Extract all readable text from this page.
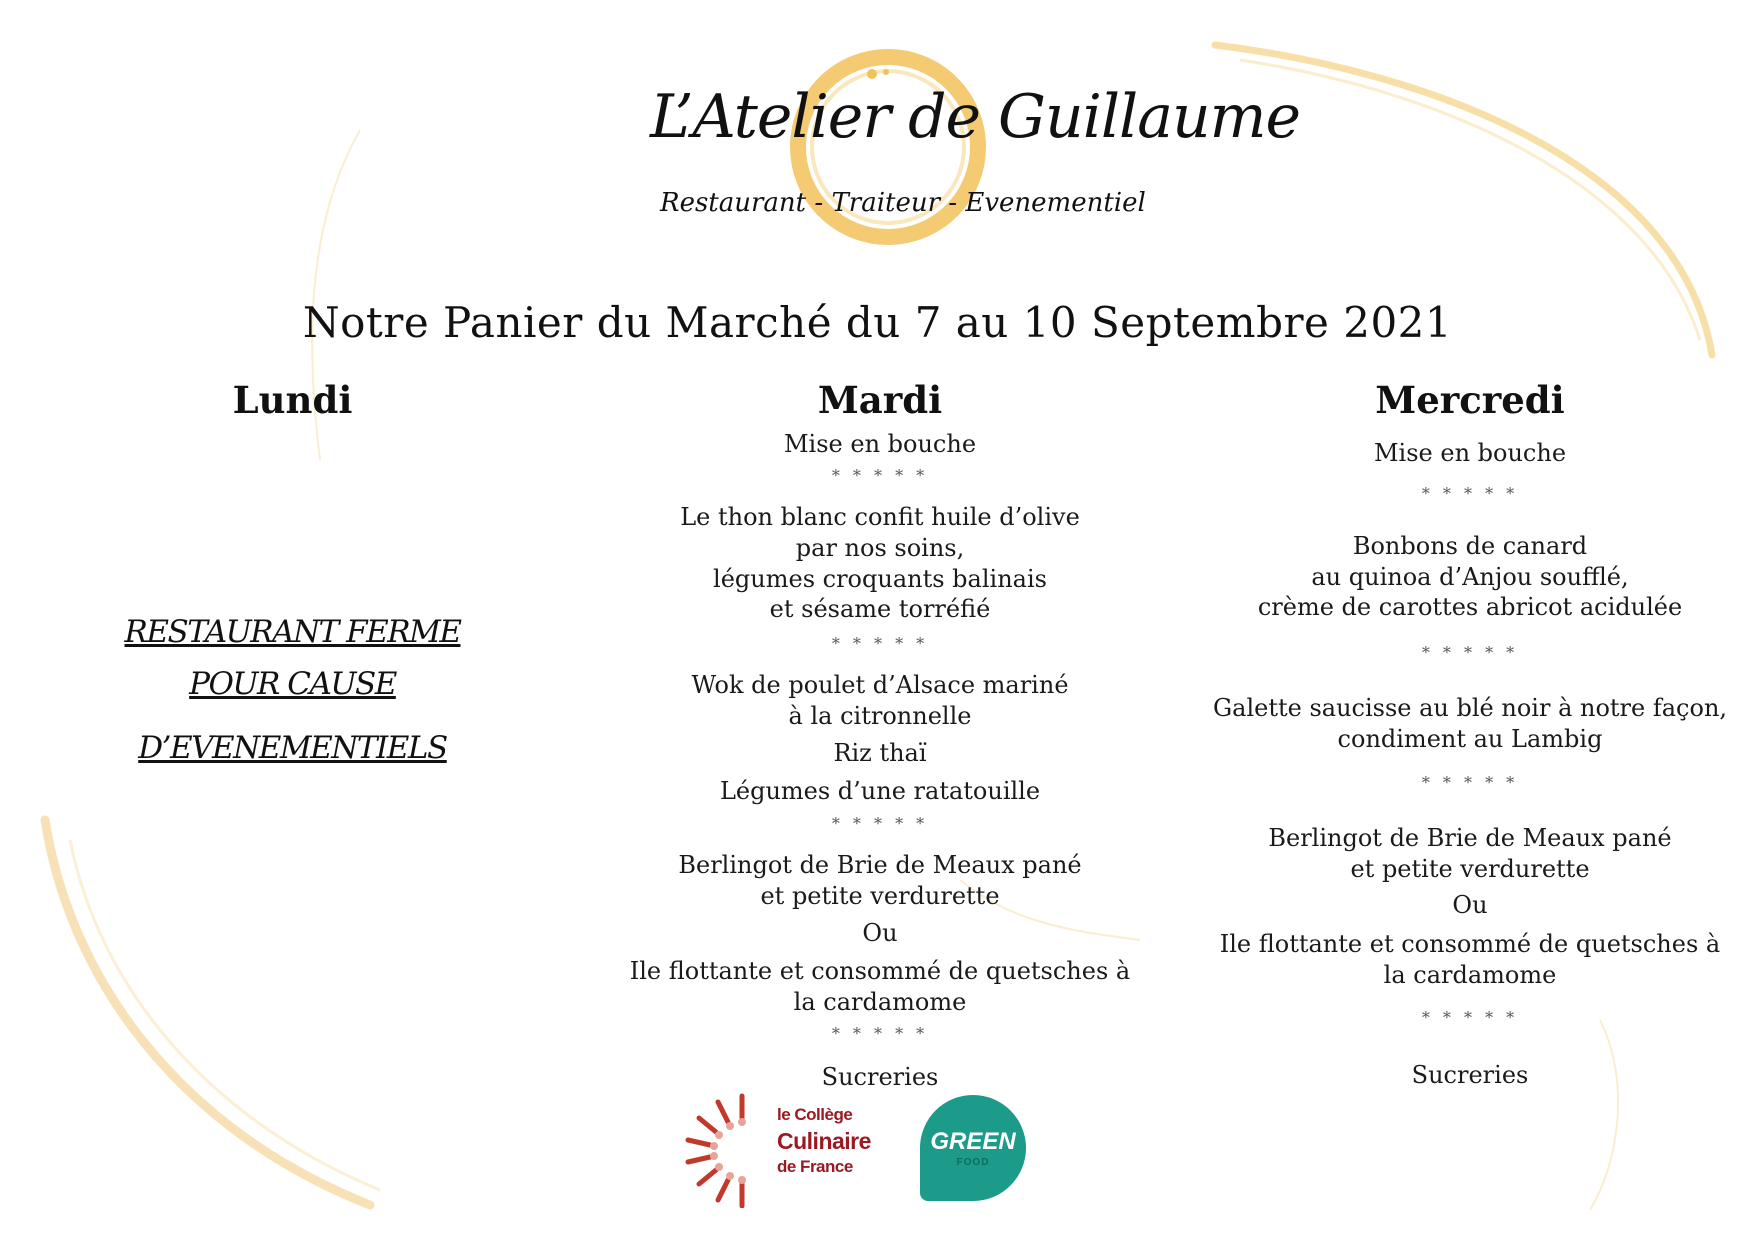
L’Atelier de Guillaume
Restaurant - Traiteur - Evenementiel
Notre Panier du Marché du 7 au 10 Septembre 2021
Lundi
RESTAURANT FERME
POUR CAUSE
D’EVENEMENTIELS
Mardi
Mise en bouche
* * * * *
Le thon blanc confit huile d’olive
par nos soins,
légumes croquants balinais
et sésame torréfié
* * * * *
Wok de poulet d’Alsace mariné
à la citronnelle
Riz thaï
Légumes d’une ratatouille
* * * * *
Berlingot de Brie de Meaux pané
et petite verdurette
Ou
Ile flottante et consommé de quetsches à
la cardamome
* * * * *
Sucreries
Mercredi
Mise en bouche
* * * * *
Bonbons de canard
au quinoa d’Anjou soufflé,
crème de carottes abricot acidulée
* * * * *
Galette saucisse au blé noir à notre façon,
condiment au Lambig
* * * * *
Berlingot de Brie de Meaux pané
et petite verdurette
Ou
Ile flottante et consommé de quetsches à
la cardamome
* * * * *
Sucreries
le Collège
Culinaire
de France
GREEN
FOOD
